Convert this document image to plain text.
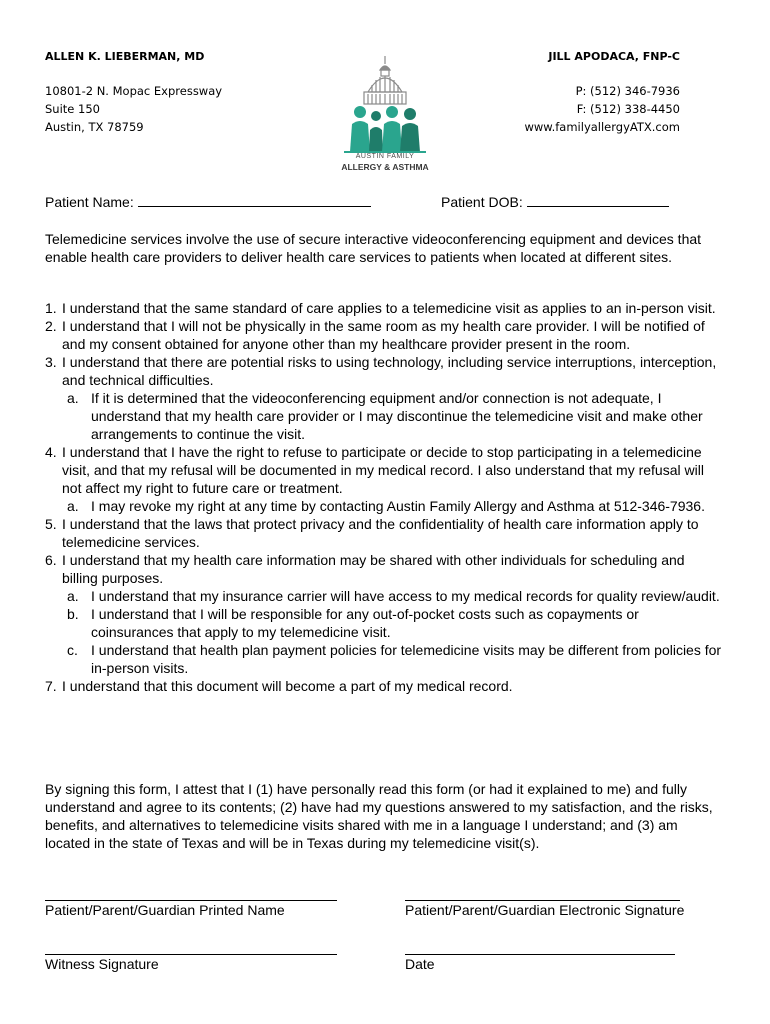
ALLEN K. LIEBERMAN, MD
10801-2 N. Mopac Expressway
Suite 150
Austin, TX 78759
AUSTIN FAMILY
ALLERGY & ASTHMA
JILL APODACA, FNP-C
P: (512) 346-7936
F: (512) 338-4450
www.familyallergyATX.com
Patient Name:	Patient DOB:
Telemedicine services involve the use of secure interactive videoconferencing equipment and devices that enable health care providers to deliver health care services to patients when located at different sites.
1. I understand that the same standard of care applies to a telemedicine visit as applies to an in-person visit.
2. I understand that I will not be physically in the same room as my health care provider. I will be notified of and my consent obtained for anyone other than my healthcare provider present in the room.
3. I understand that there are potential risks to using technology, including service interruptions, interception, and technical difficulties.
a. If it is determined that the videoconferencing equipment and/or connection is not adequate, I understand that my health care provider or I may discontinue the telemedicine visit and make other arrangements to continue the visit.
4. I understand that I have the right to refuse to participate or decide to stop participating in a telemedicine visit, and that my refusal will be documented in my medical record. I also understand that my refusal will not affect my right to future care or treatment.
a. I may revoke my right at any time by contacting Austin Family Allergy and Asthma at 512-346-7936.
5. I understand that the laws that protect privacy and the confidentiality of health care information apply to telemedicine services.
6. I understand that my health care information may be shared with other individuals for scheduling and billing purposes.
a. I understand that my insurance carrier will have access to my medical records for quality review/audit.
b. I understand that I will be responsible for any out-of-pocket costs such as copayments or coinsurances that apply to my telemedicine visit.
c. I understand that health plan payment policies for telemedicine visits may be different from policies for in-person visits.
7. I understand that this document will become a part of my medical record.
By signing this form, I attest that I (1) have personally read this form (or had it explained to me) and fully understand and agree to its contents; (2) have had my questions answered to my satisfaction, and the risks, benefits, and alternatives to telemedicine visits shared with me in a language I understand; and (3) am located in the state of Texas and will be in Texas during my telemedicine visit(s).
Patient/Parent/Guardian Printed Name	Patient/Parent/Guardian Electronic Signature
Witness Signature	Date
